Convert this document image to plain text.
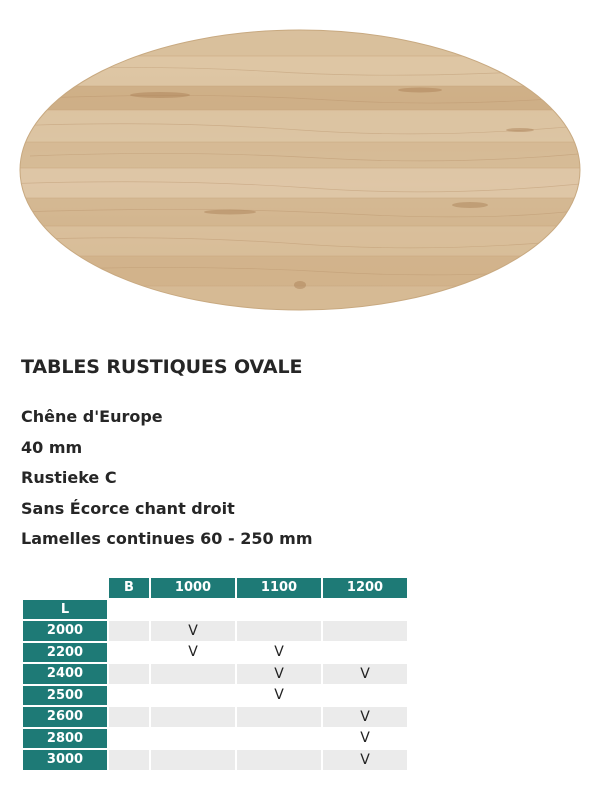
TABLES RUSTIQUES OVALE
Chêne d'Europe
40 mm
Rustieke C
Sans Écorce chant droit
Lamelles continues 60 - 250 mm
	B	1000	1100	1200
L				
2000		V		
2200		V	V	
2400			V	V
2500			V	
2600				V
2800				V
3000				V
